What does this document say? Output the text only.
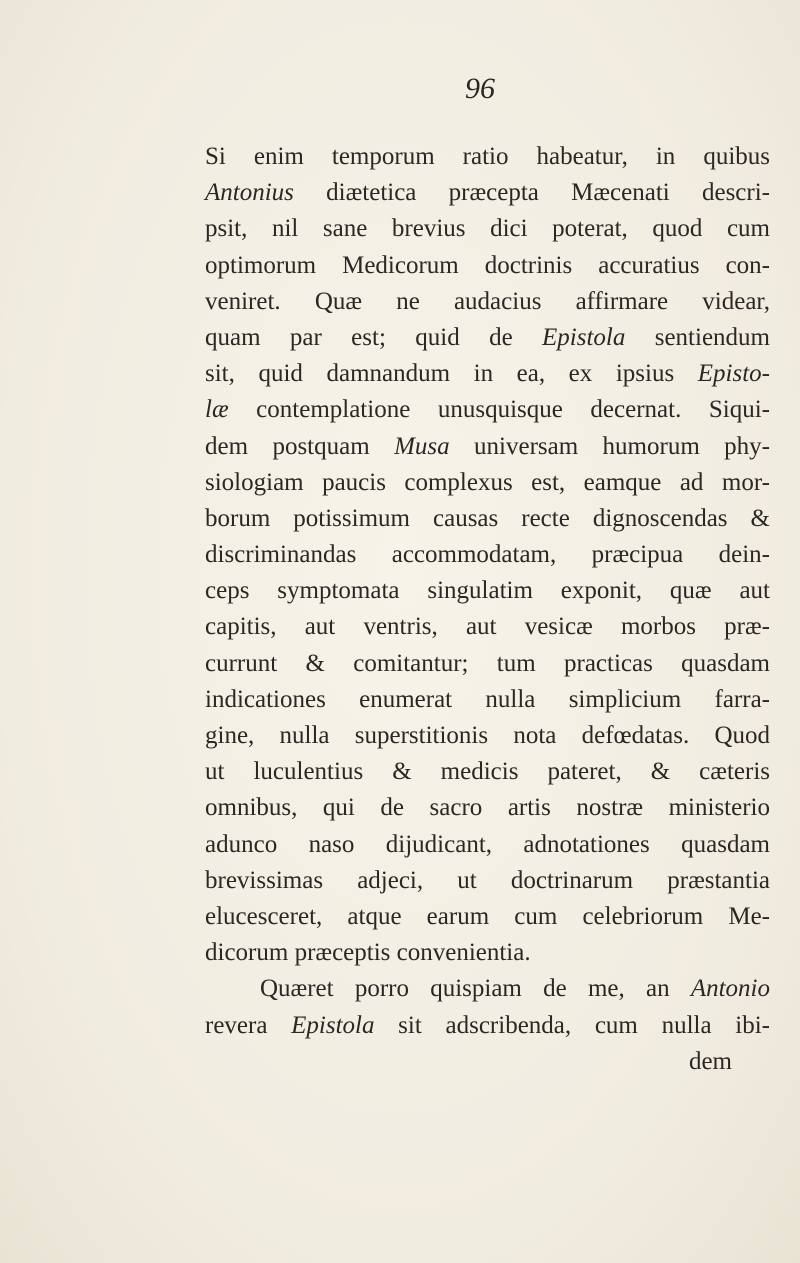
96
Si enim temporum ratio habeatur, in quibus
Antonius diætetica præcepta Mæcenati descri-
psit, nil sane brevius dici poterat, quod cum
optimorum Medicorum doctrinis accuratius con-
veniret. Quæ ne audacius affirmare videar,
quam par est; quid de Epistola sentiendum
sit, quid damnandum in ea, ex ipsius Episto-
læ contemplatione unusquisque decernat. Siqui-
dem postquam Musa universam humorum phy-
siologiam paucis complexus est, eamque ad mor-
borum potissimum causas recte dignoscendas &
discriminandas accommodatam, præcipua dein-
ceps symptomata singulatim exponit, quæ aut
capitis, aut ventris, aut vesicæ morbos præ-
currunt & comitantur; tum practicas quasdam
indicationes enumerat nulla simplicium farra-
gine, nulla superstitionis nota defœdatas. Quod
ut luculentius & medicis pateret, & cæteris
omnibus, qui de sacro artis nostræ ministerio
adunco naso dijudicant, adnotationes quasdam
brevissimas adjeci, ut doctrinarum præstantia
elucesceret, atque earum cum celebriorum Me-
dicorum præceptis convenientia.
Quæret porro quispiam de me, an Antonio
revera Epistola sit adscribenda, cum nulla ibi-
dem
